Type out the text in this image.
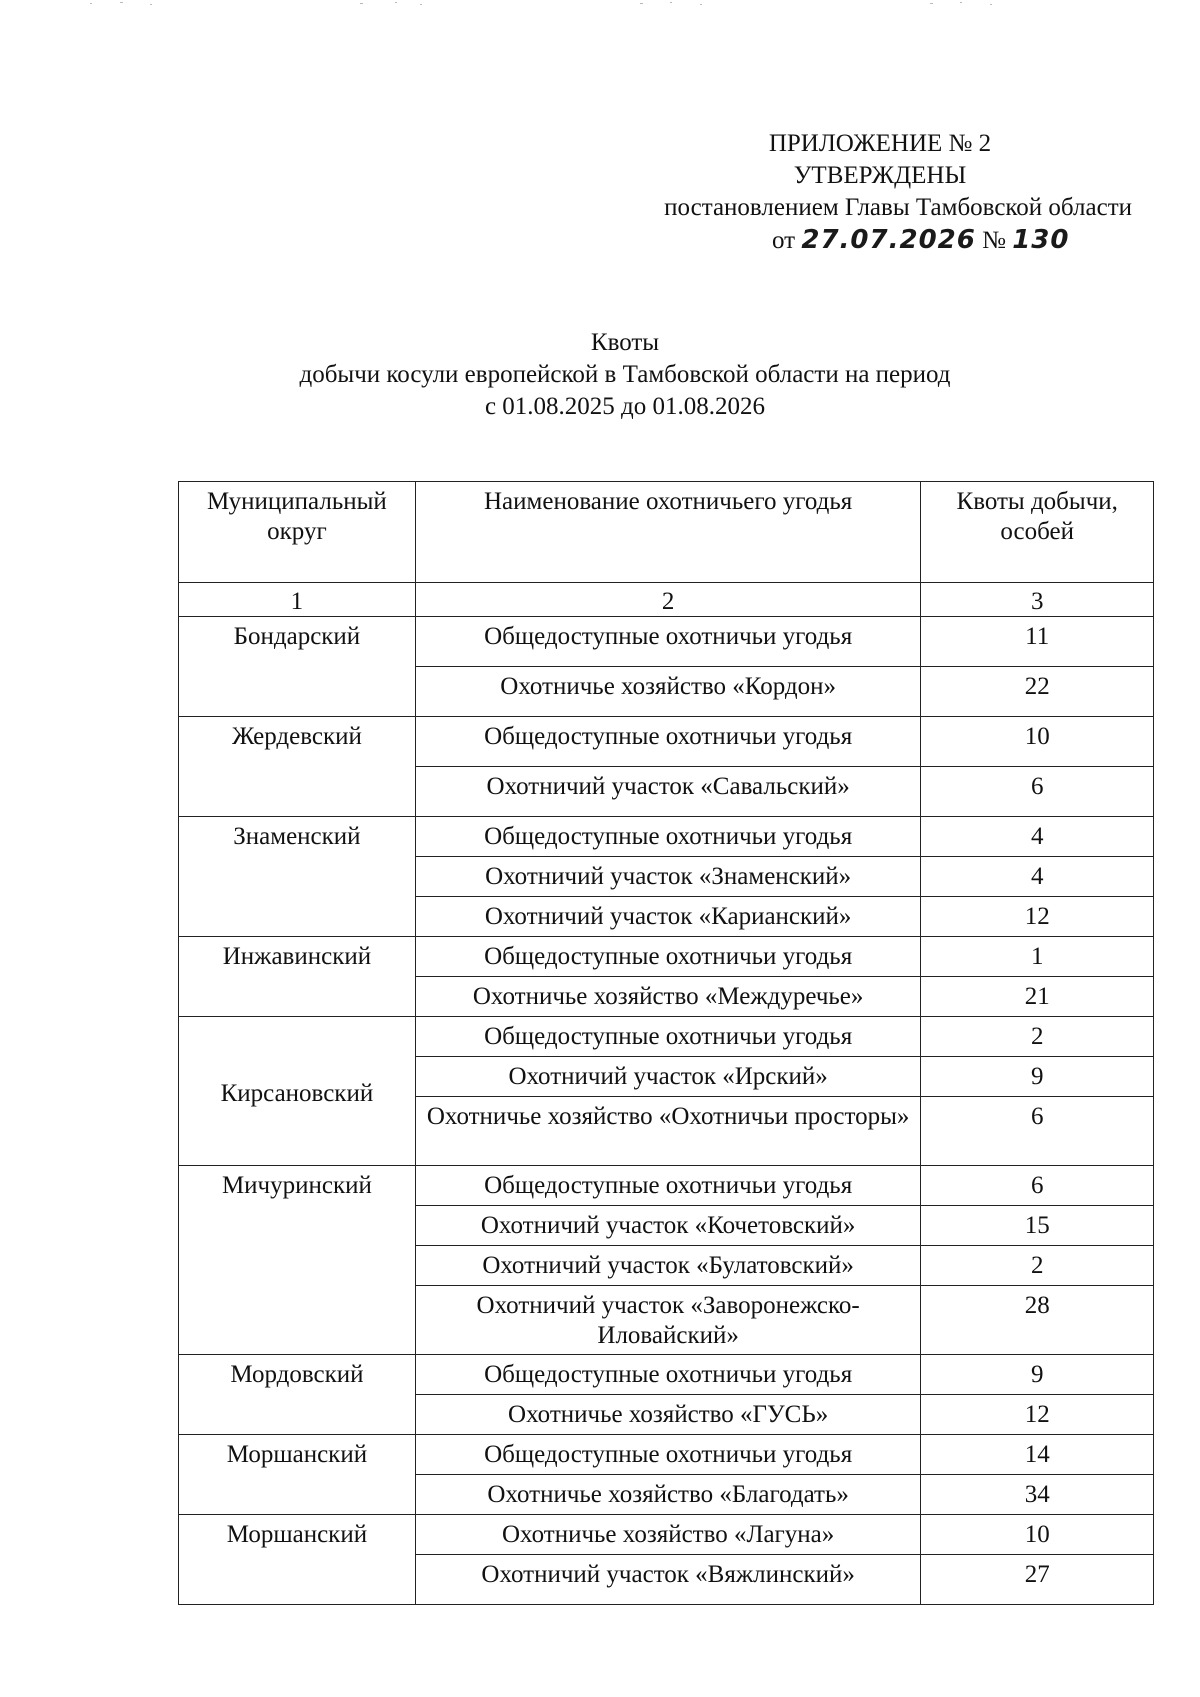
ПРИЛОЖЕНИЕ № 2
УТВЕРЖДЕНЫ
постановлением Главы Тамбовской области
от 27.07.2026 № 130
Квоты
добычи косули европейской в Тамбовской области на период
с 01.08.2025 до 01.08.2026
Муниципальный округ	Наименование охотничьего угодья	Квоты добычи, особей
1	2	3
Бондарский	Общедоступные охотничьи угодья	11
	Охотничье хозяйство «Кордон»	22
Жердевский	Общедоступные охотничьи угодья	10
	Охотничий участок «Савальский»	6
Знаменский	Общедоступные охотничьи угодья	4
	Охотничий участок «Знаменский»	4
	Охотничий участок «Карианский»	12
Инжавинский	Общедоступные охотничьи угодья	1
	Охотничье хозяйство «Междуречье»	21
Кирсановский	Общедоступные охотничьи угодья	2
	Охотничий участок «Ирский»	9
	Охотничье хозяйство «Охотничьи просторы»	6
Мичуринский	Общедоступные охотничьи угодья	6
	Охотничий участок «Кочетовский»	15
	Охотничий участок «Булатовский»	2
	Охотничий участок «Заворонежско-Иловайский»	28
Мордовский	Общедоступные охотничьи угодья	9
	Охотничье хозяйство «ГУСЬ»	12
Моршанский	Общедоступные охотничьи угодья	14
	Охотничье хозяйство «Благодать»	34
Моршанский	Охотничье хозяйство «Лагуна»	10
	Охотничий участок «Вяжлинский»	27
